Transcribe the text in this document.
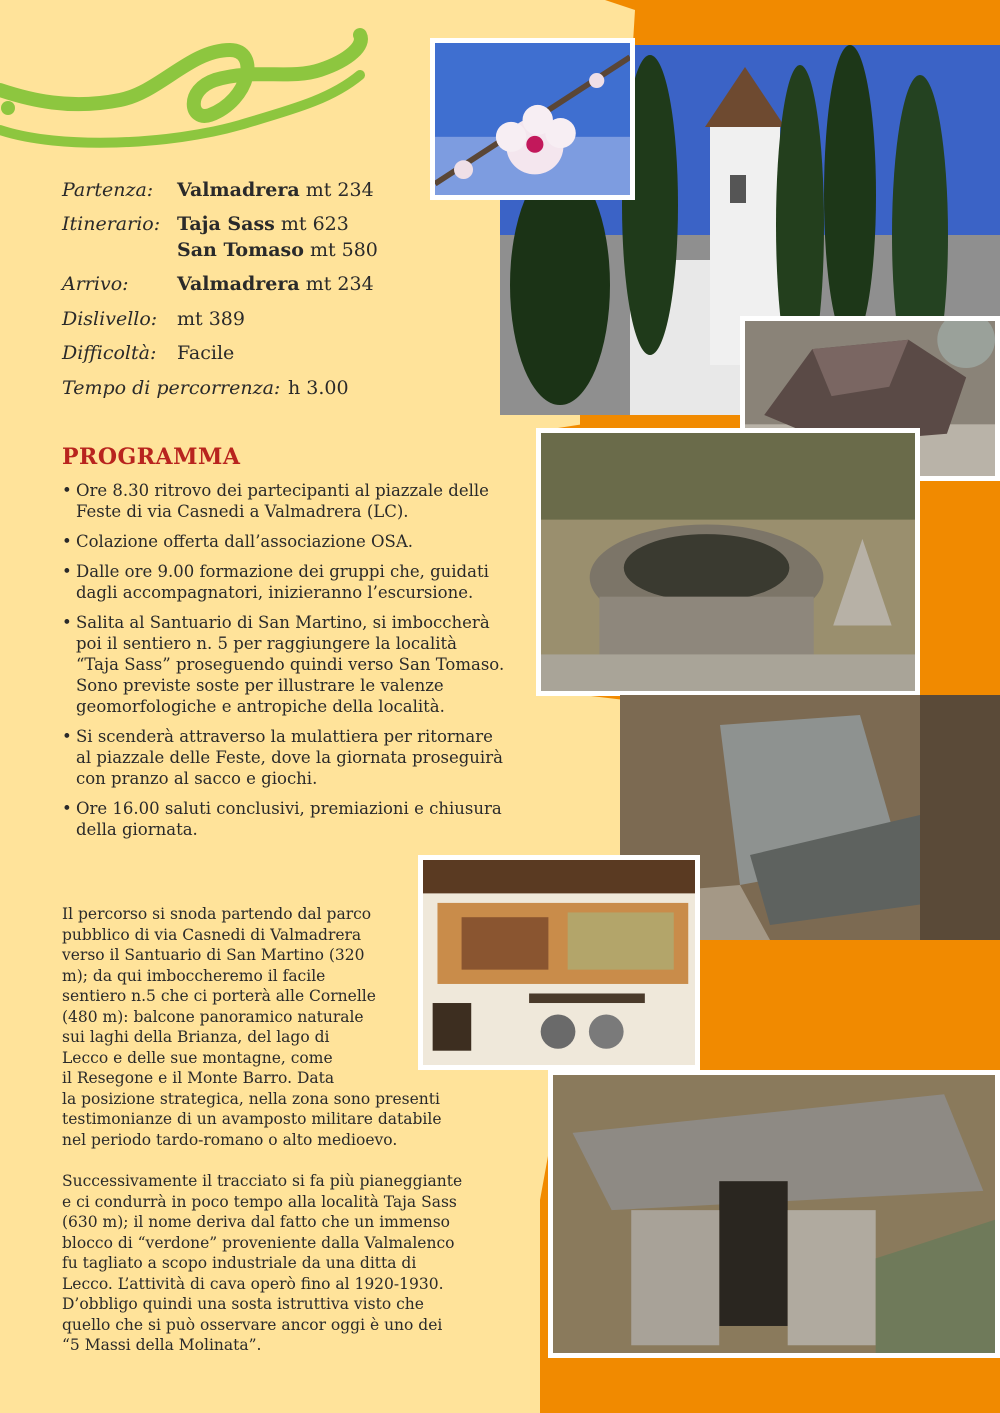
Partenza: Valmadrera mt 234
Itinerario: Taja Sass mt 623
San Tomaso mt 580
Arrivo:	Valmadrera mt 234
Dislivello: mt 389
Difficoltà: Facile
Tempo di percorrenza: h 3.00
PROGRAMMA
• Ore 8.30 ritrovo dei partecipanti al piazzale delle
Feste di via Casnedi a Valmadrera (LC).
• Colazione offerta dall’associazione OSA.
• Dalle ore 9.00 formazione dei gruppi che, guidati
dagli accompagnatori, inizieranno l’escursione.
• Salita al Santuario di San Martino, si imboccherà
poi il sentiero n. 5 per raggiungere la località
“Taja Sass” proseguendo quindi verso San Tomaso.
Sono previste soste per illustrare le valenze
geomorfologiche e antropiche della località.
• Si scenderà attraverso la mulattiera per ritornare
al piazzale delle Feste, dove la giornata proseguirà
con pranzo al sacco e giochi.
• Ore 16.00 saluti conclusivi, premiazioni e chiusura
della giornata.

Il percorso si snoda partendo dal parco
pubblico di via Casnedi di Valmadrera
verso il Santuario di San Martino (320
m); da qui imboccheremo il facile
sentiero n.5 che ci porterà alle Cornelle
(480 m): balcone panoramico naturale
sui laghi della Brianza, del lago di
Lecco e delle sue montagne, come
il Resegone e il Monte Barro. Data
la posizione strategica, nella zona sono presenti
testimonianze di un avamposto militare databile
nel periodo tardo-romano o alto medioevo.

Successivamente il tracciato si fa più pianeggiante
e ci condurrà in poco tempo alla località Taja Sass
(630 m); il nome deriva dal fatto che un immenso
blocco di “verdone” proveniente dalla Valmalenco
fu tagliato a scopo industriale da una ditta di
Lecco. L’attività di cava operò fino al 1920-1930.
D’obbligo quindi una sosta istruttiva visto che
quello che si può osservare ancor oggi è uno dei
“5 Massi della Molinata”.
